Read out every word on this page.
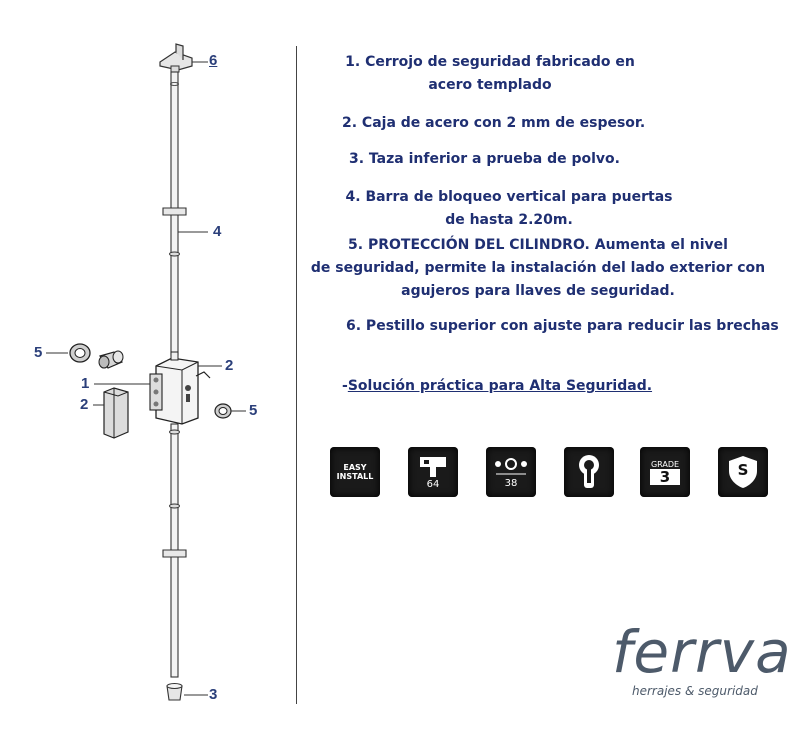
6
4
5
1
2
2	5
3
1. Cerrojo de seguridad fabricado en
acero templado
2. Caja de acero con 2 mm de espesor.
3. Taza inferior a prueba de polvo.
4. Barra de bloqueo vertical para puertas
de hasta 2.20m.
5. PROTECCIÓN DEL CILINDRO. Aumenta el nivel
de seguridad, permite la instalación del lado exterior con
agujeros para llaves de seguridad.
6. Pestillo superior con ajuste para reducir las brechas
-Solución práctica para Alta Seguridad.
EASY
INSTALL
64	38
GRADE
3	S
ferrva
herrajes & seguridad
